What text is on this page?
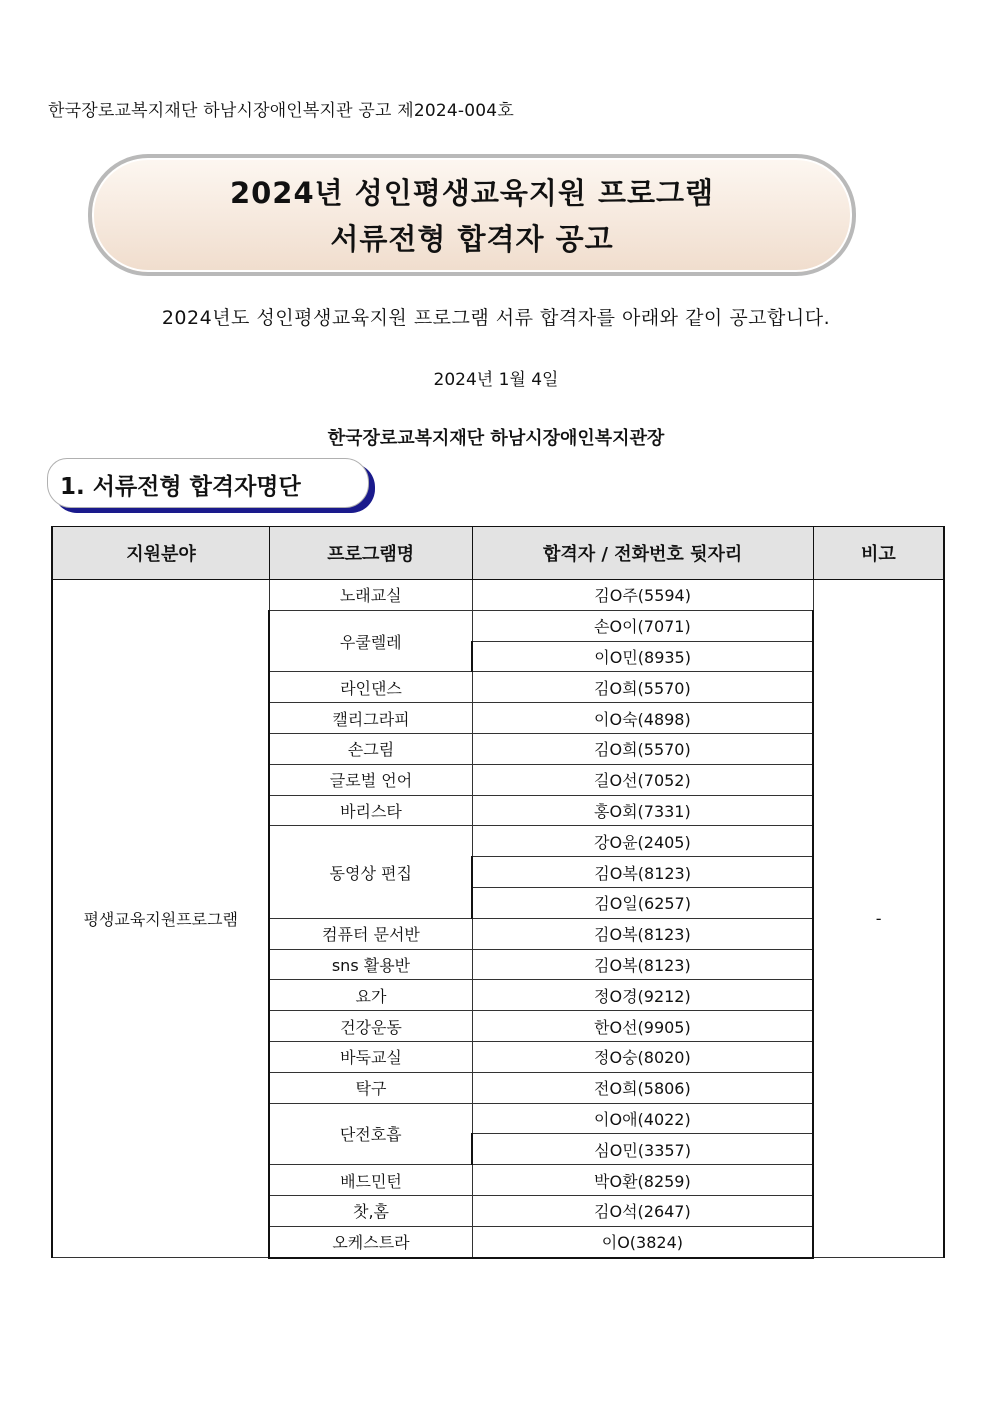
한국장로교복지재단 하남시장애인복지관 공고 제2024-004호
2024년 성인평생교육지원 프로그램
서류전형 합격자 공고
2024년도 성인평생교육지원 프로그램 서류 합격자를 아래와 같이 공고합니다.
2024년 1월 4일
한국장로교복지재단 하남시장애인복지관장
1. 서류전형 합격자명단
지원분야	프로그램명	합격자 / 전화번호 뒷자리	비고
평생교육지원프로그램	노래교실	김O주(5594)	-
	우쿨렐레	손O이(7071)	
		이O민(8935)	
	라인댄스	김O희(5570)	
	캘리그라피	이O숙(4898)	
	손그림	김O희(5570)	
	글로벌 언어	길O선(7052)	
	바리스타	홍O회(7331)	
	동영상 편집	강O윤(2405)	
		김O복(8123)	
		김O일(6257)	
	컴퓨터 문서반	김O복(8123)	
	sns 활용반	김O복(8123)	
	요가	정O경(9212)	
	건강운동	한O선(9905)	
	바둑교실	정O숭(8020)	
	탁구	전O희(5806)	
	단전호흡	이O애(4022)	
		심O민(3357)	
	배드민턴	박O환(8259)	
	찻,홈	김O석(2647)	
	오케스트라	이O(3824)	
